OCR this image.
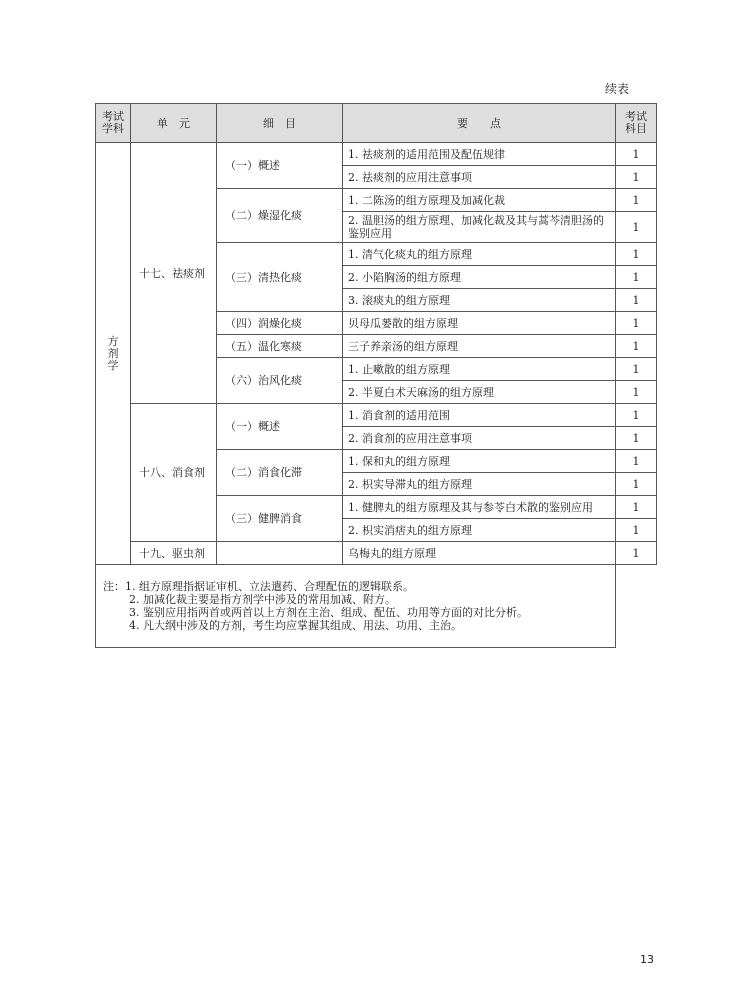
续表
考试学科	单　元	细　目	要　　点	考试科目
方剂学	十七、祛痰剂	（一）概述	1. 祛痰剂的适用范围及配伍规律	1
			2. 祛痰剂的应用注意事项	1
		（二）燥湿化痰	1. 二陈汤的组方原理及加减化裁	1
			2. 温胆汤的组方原理、加减化裁及其与蒿芩清胆汤的鉴别应用	1
		（三）清热化痰	1. 清气化痰丸的组方原理	1
			2. 小陷胸汤的组方原理	1
			3. 滚痰丸的组方原理	1
		（四）润燥化痰	贝母瓜蒌散的组方原理	1
		（五）温化寒痰	三子养亲汤的组方原理	1
		（六）治风化痰	1. 止嗽散的组方原理	1
			2. 半夏白术天麻汤的组方原理	1
	十八、消食剂	（一）概述	1. 消食剂的适用范围	1
			2. 消食剂的应用注意事项	1
		（二）消食化滞	1. 保和丸的组方原理	1
			2. 枳实导滞丸的组方原理	1
		（三）健脾消食	1. 健脾丸的组方原理及其与参苓白术散的鉴别应用	1
			2. 枳实消痞丸的组方原理	1
	十九、驱虫剂		乌梅丸的组方原理	1

注：1. 组方原理指据证审机、立法遣药、合理配伍的逻辑联系。
2. 加减化裁主要是指方剂学中涉及的常用加减、附方。
3. 鉴别应用指两首或两首以上方剂在主治、组成、配伍、功用等方面的对比分析。
4. 凡大纲中涉及的方剂，考生均应掌握其组成、用法、功用、主治。				
13
